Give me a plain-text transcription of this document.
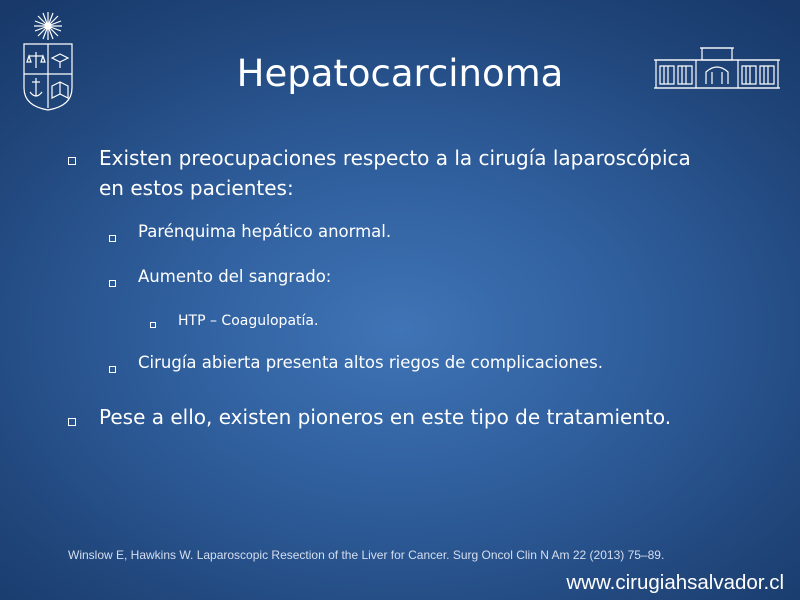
Hepatocarcinoma
Existen preocupaciones respecto a la cirugía laparoscópica
en estos pacientes:
Parénquima hepático anormal.
Aumento del sangrado:
HTP – Coagulopatía.
Cirugía abierta presenta altos riegos de complicaciones.
Pese a ello, existen pioneros en este tipo de tratamiento.
Winslow E, Hawkins W. Laparoscopic Resection of the Liver for Cancer. Surg Oncol Clin N Am 22 (2013) 75–89.
www.cirugiahsalvador.cl
